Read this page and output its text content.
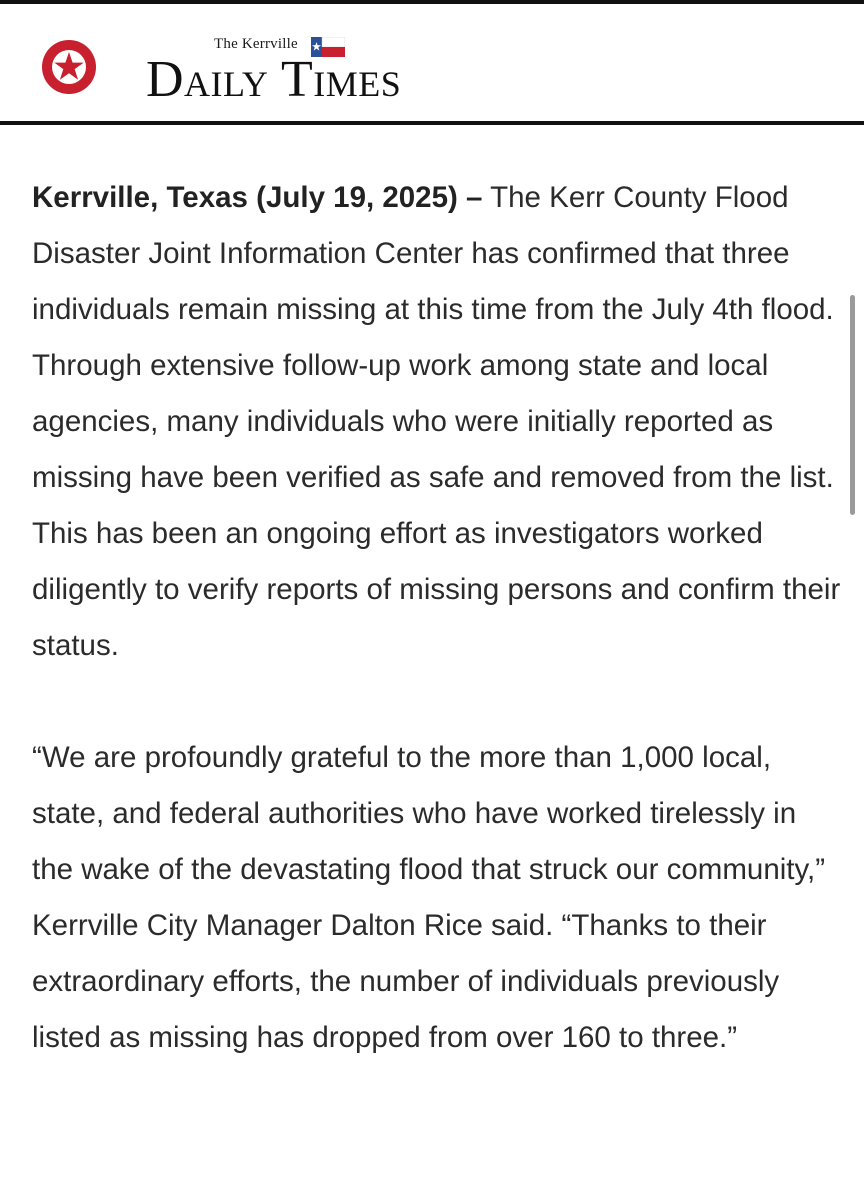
The Kerrville
Daily Times

Kerrville, Texas (July 19, 2025) – The Kerr County Flood Disaster Joint Information Center has confirmed that three individuals remain missing at this time from the July 4th flood. Through extensive follow-up work among state and local agencies, many individuals who were initially reported as missing have been verified as safe and removed from the list. This has been an ongoing effort as investigators worked diligently to verify reports of missing persons and confirm their status.

“We are profoundly grateful to the more than 1,000 local, state, and federal authorities who have worked tirelessly in the wake of the devastating flood that struck our community,” Kerrville City Manager Dalton Rice said. “Thanks to their extraordinary efforts, the number of individuals previously listed as missing has dropped from over 160 to three.”
